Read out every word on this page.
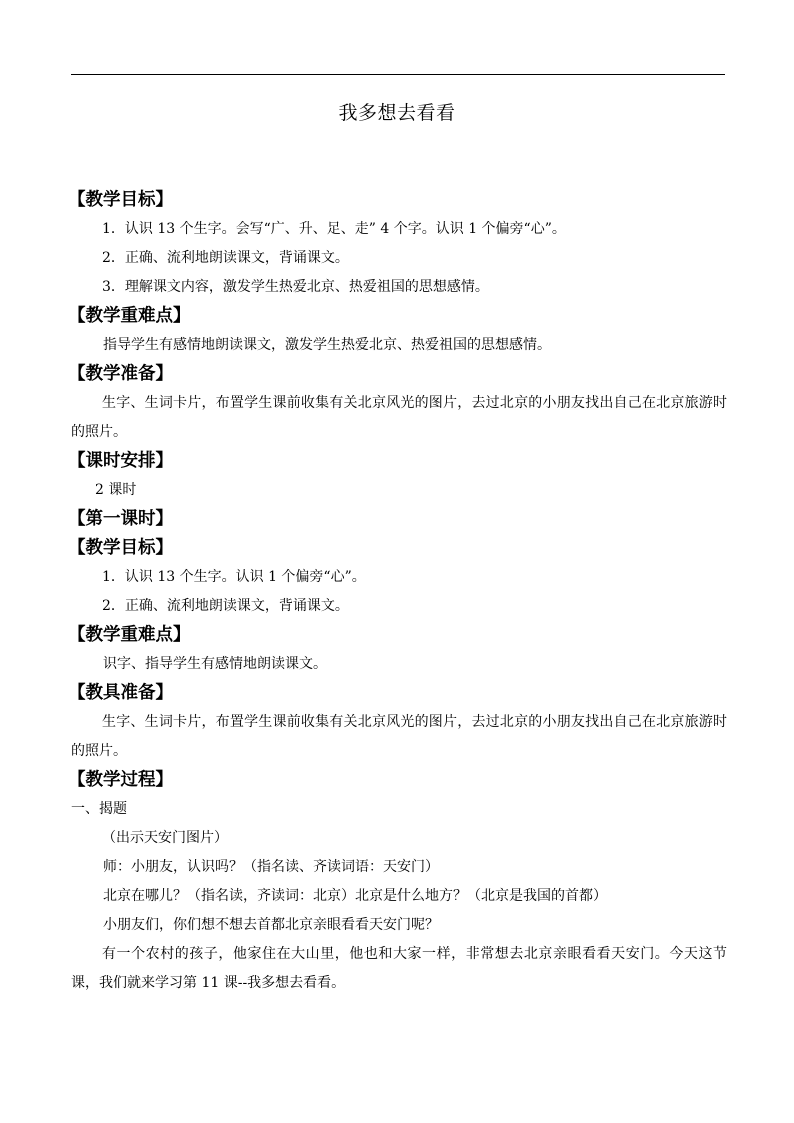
我多想去看看
【教学目标】
1．认识 13 个生字。会写“广、升、足、走” 4 个字。认识 1 个偏旁“心”。
2．正确、流利地朗读课文，背诵课文。
3．理解课文内容，激发学生热爱北京、热爱祖国的思想感情。
【教学重难点】
指导学生有感情地朗读课文，激发学生热爱北京、热爱祖国的思想感情。
【教学准备】
生字、生词卡片，布置学生课前收集有关北京风光的图片，去过北京的小朋友找出自己在北京旅游时的照片。
【课时安排】
2 课时
【第一课时】
【教学目标】
1．认识 13 个生字。认识 1 个偏旁“心”。
2．正确、流利地朗读课文，背诵课文。
【教学重难点】
识字、指导学生有感情地朗读课文。
【教具准备】
生字、生词卡片，布置学生课前收集有关北京风光的图片，去过北京的小朋友找出自己在北京旅游时的照片。
【教学过程】
一、揭题
（出示天安门图片）
师：小朋友，认识吗？（指名读、齐读词语：天安门）
北京在哪儿？（指名读，齐读词：北京）北京是什么地方？（北京是我国的首都）
小朋友们，你们想不想去首都北京亲眼看看天安门呢？
有一个农村的孩子，他家住在大山里，他也和大家一样，非常想去北京亲眼看看天安门。今天这节课，我们就来学习第 11 课--我多想去看看。
